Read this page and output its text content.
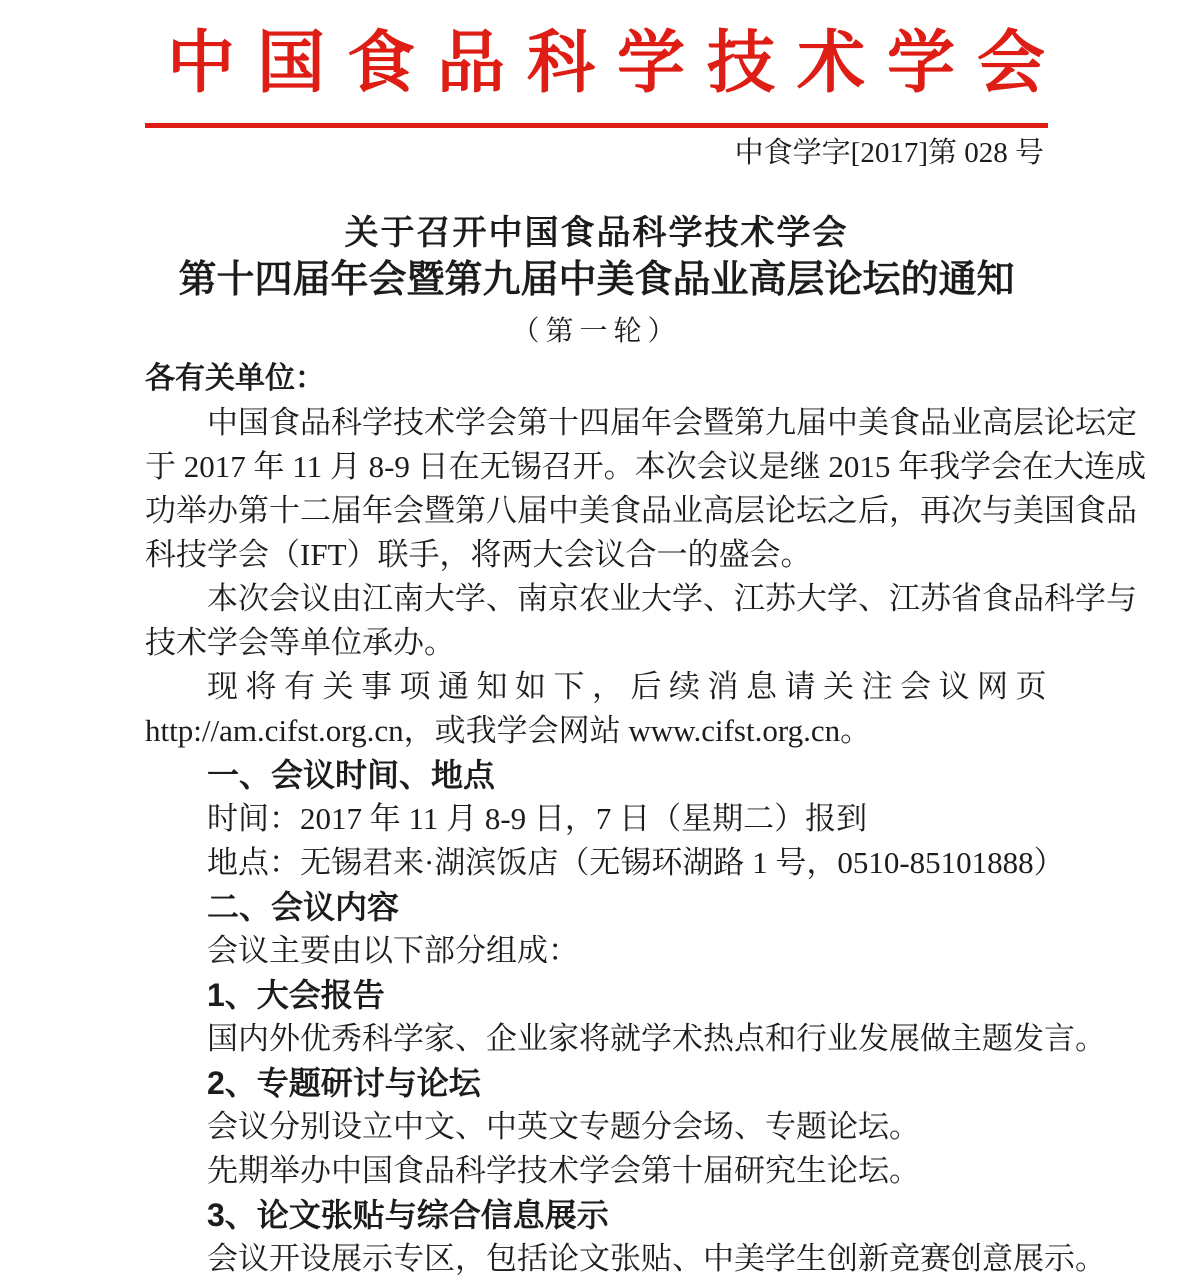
中国食品科学技术学会
中食学字[2017]第 028 号
关于召开中国食品科学技术学会
第十四届年会暨第九届中美食品业高层论坛的通知
（第一轮）
各有关单位：
中国食品科学技术学会第十四届年会暨第九届中美食品业高层论坛定
于 2017 年 11 月 8-9 日在无锡召开。本次会议是继 2015 年我学会在大连成
功举办第十二届年会暨第八届中美食品业高层论坛之后，再次与美国食品
科技学会（IFT）联手，将两大会议合一的盛会。
本次会议由江南大学、南京农业大学、江苏大学、江苏省食品科学与
技术学会等单位承办。
现将有关事项通知如下，后续消息请关注会议网页
http://am.cifst.org.cn，或我学会网站 www.cifst.org.cn。
一、会议时间、地点
时间：2017 年 11 月 8-9 日，7 日（星期二）报到
地点：无锡君来·湖滨饭店（无锡环湖路 1 号，0510-85101888）
二、会议内容
会议主要由以下部分组成：
1、大会报告
国内外优秀科学家、企业家将就学术热点和行业发展做主题发言。
2、专题研讨与论坛
会议分别设立中文、中英文专题分会场、专题论坛。
先期举办中国食品科学技术学会第十届研究生论坛。
3、论文张贴与综合信息展示
会议开设展示专区，包括论文张贴、中美学生创新竞赛创意展示。
